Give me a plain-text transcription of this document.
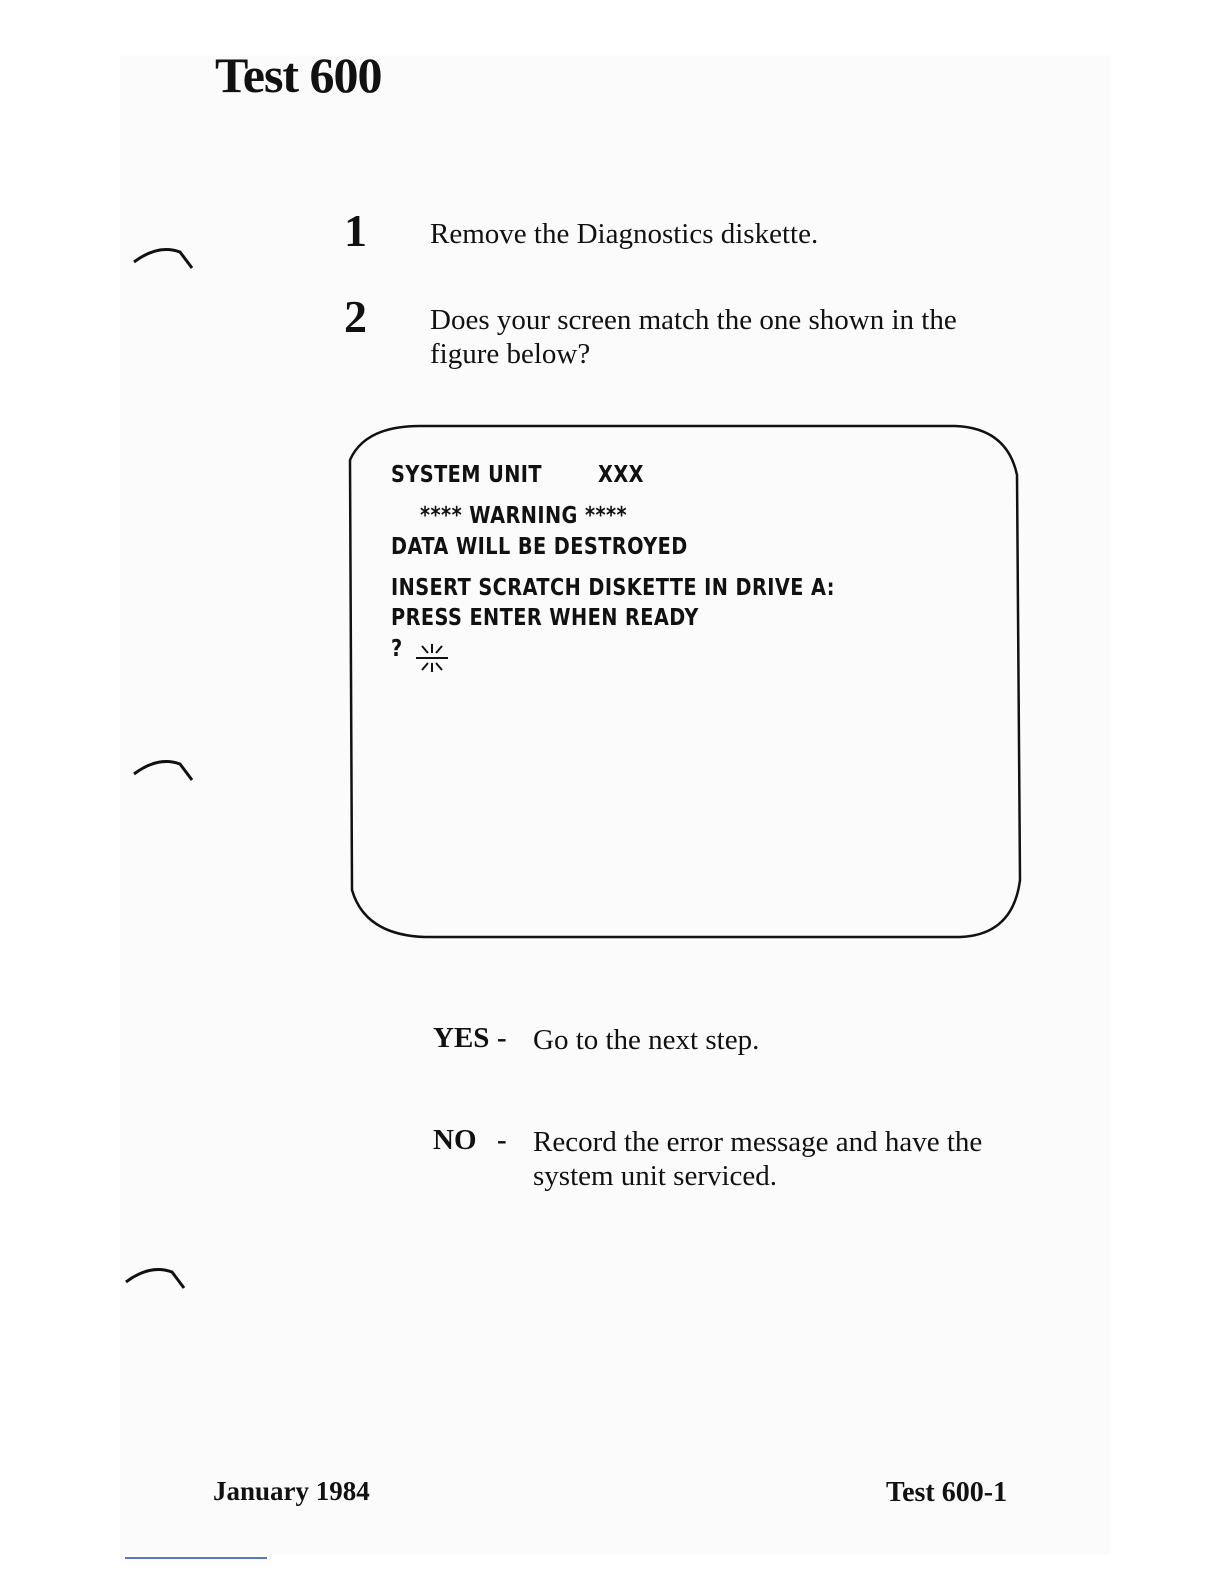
Test 600
1 Remove the Diagnostics diskette.
2 Does your screen match the one shown in the figure below?
SYSTEM UNIT XXX
**** WARNING ****
DATA WILL BE DESTROYED
INSERT SCRATCH DISKETTE IN DRIVE A:
PRESS ENTER WHEN READY
?
YES - Go to the next step.
NO - Record the error message and have the system unit serviced.
January 1984	Test 600-1
